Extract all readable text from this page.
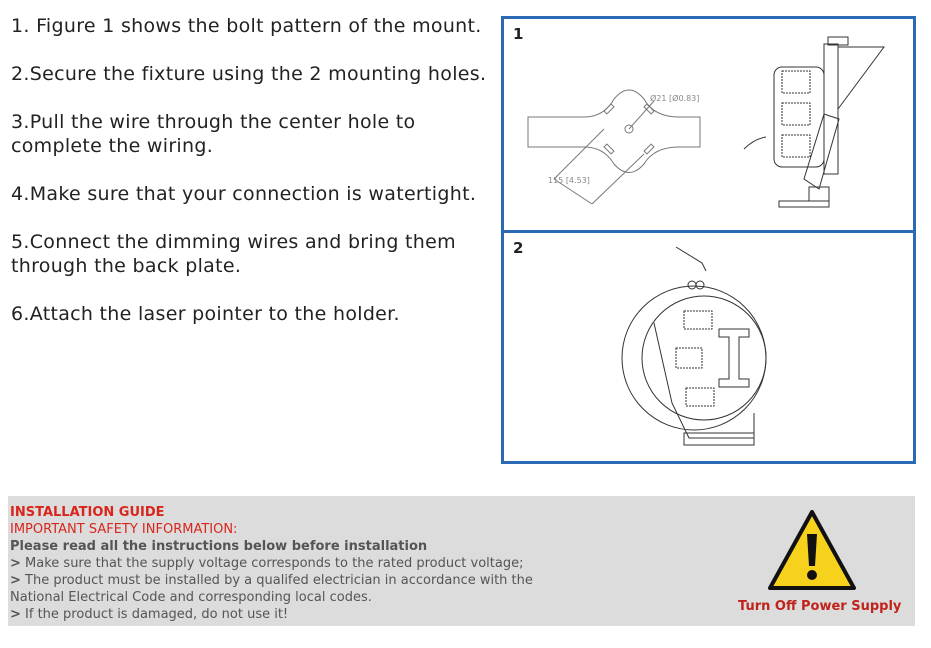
1. Figure 1 shows the bolt pattern of the mount.

2.Secure the fixture using the 2 mounting holes.

3.Pull the wire through the center hole to complete the wiring.

4.Make sure that your connection is watertight.

5.Connect the dimming wires and bring them through the back plate.

6.Attach the laser pointer to the holder.

Ø21 [Ø0.83]
115 [4.53]
1
2
INSTALLATION GUIDE
IMPORTANT SAFETY INFORMATION:
Please read all the instructions below before installation
> Make sure that the supply voltage corresponds to the rated product voltage;
> The product must be installed by a qualifed electrician in accordance with the National Electrical Code and corresponding local codes.
> If the product is damaged, do not use it!
Turn Off Power Supply
